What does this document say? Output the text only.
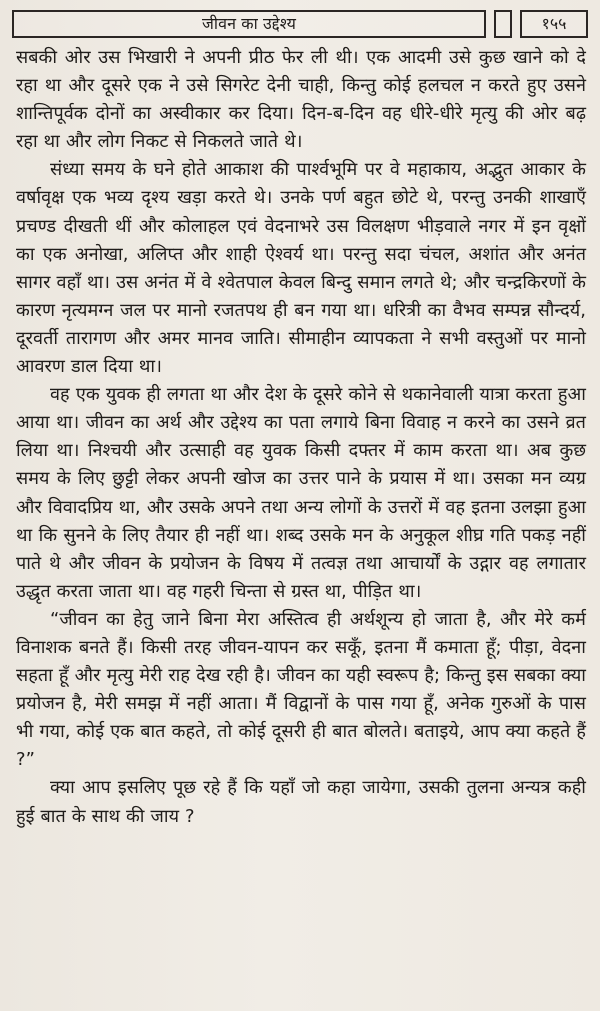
जीवन का उद्देश्य	१५५

सबकी ओर उस भिखारी ने अपनी प्रीठ फेर ली थी। एक आदमी उसे कुछ खाने को दे रहा था और दूसरे एक ने उसे सिगरेट देनी चाही, किन्तु कोई हलचल न करते हुए उसने शान्तिपूर्वक दोनों का अस्वीकार कर दिया। दिन-ब-दिन वह धीरे-धीरे मृत्यु की ओर बढ़ रहा था और लोग निकट से निकलते जाते थे।

संध्या समय के घने होते आकाश की पार्श्वभूमि पर वे महाकाय, अद्भुत आकार के वर्षावृक्ष एक भव्य दृश्य खड़ा करते थे। उनके पर्ण बहुत छोटे थे, परन्तु उनकी शाखाएँ प्रचण्ड दीखती थीं और कोलाहल एवं वेदनाभरे उस विलक्षण भीड़वाले नगर में इन वृक्षों का एक अनोखा, अलिप्त और शाही ऐश्वर्य था। परन्तु सदा चंचल, अशांत और अनंत सागर वहाँ था। उस अनंत में वे श्वेतपाल केवल बिन्दु समान लगते थे; और चन्द्रकिरणों के कारण नृत्यमग्न जल पर मानो रजतपथ ही बन गया था। धरित्री का वैभव सम्पन्न सौन्दर्य, दूरवर्ती तारागण और अमर मानव जाति। सीमाहीन व्यापकता ने सभी वस्तुओं पर मानो आवरण डाल दिया था।

वह एक युवक ही लगता था और देश के दूसरे कोने से थकानेवाली यात्रा करता हुआ आया था। जीवन का अर्थ और उद्देश्य का पता लगाये बिना विवाह न करने का उसने व्रत लिया था। निश्चयी और उत्साही वह युवक किसी दफ्तर में काम करता था। अब कुछ समय के लिए छुट्टी लेकर अपनी खोज का उत्तर पाने के प्रयास में था। उसका मन व्यग्र और विवादप्रिय था, और उसके अपने तथा अन्य लोगों के उत्तरों में वह इतना उलझा हुआ था कि सुनने के लिए तैयार ही नहीं था। शब्द उसके मन के अनुकूल शीघ्र गति पकड़ नहीं पाते थे और जीवन के प्रयोजन के विषय में तत्वज्ञ तथा आचार्यों के उद्गार वह लगातार उद्धृत करता जाता था। वह गहरी चिन्ता से ग्रस्त था, पीड़ित था।

“जीवन का हेतु जाने बिना मेरा अस्तित्व ही अर्थशून्य हो जाता है, और मेरे कर्म विनाशक बनते हैं। किसी तरह जीवन-यापन कर सकूँ, इतना मैं कमाता हूँ; पीड़ा, वेदना सहता हूँ और मृत्यु मेरी राह देख रही है। जीवन का यही स्वरूप है; किन्तु इस सबका क्या प्रयोजन है, मेरी समझ में नहीं आता। मैं विद्वानों के पास गया हूँ, अनेक गुरुओं के पास भी गया, कोई एक बात कहते, तो कोई दूसरी ही बात बोलते। बताइये, आप क्या कहते हैं ?”

क्या आप इसलिए पूछ रहे हैं कि यहाँ जो कहा जायेगा, उसकी तुलना अन्यत्र कही हुई बात के साथ की जाय ?
